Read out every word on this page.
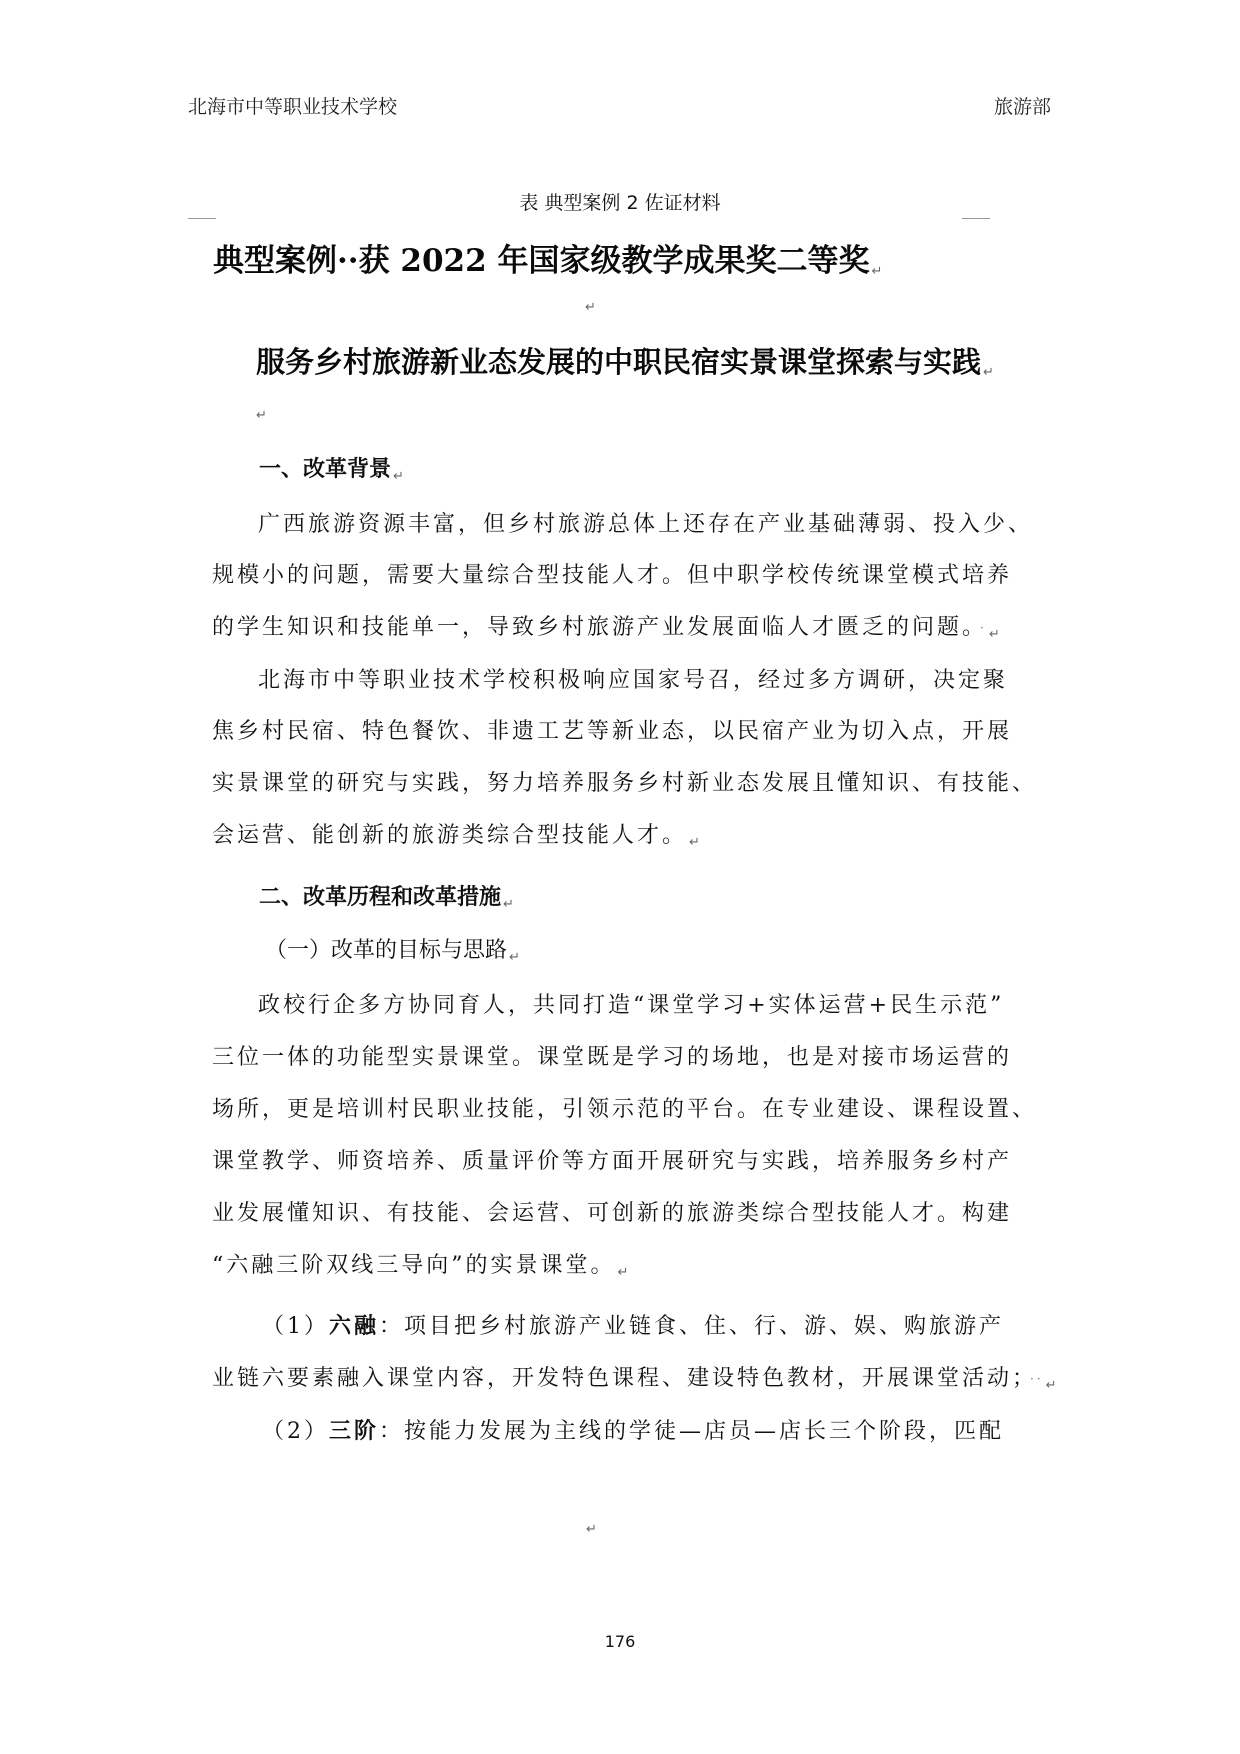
北海市中等职业技术学校	旅游部
表 典型案例 2 佐证材料
典型案例··获 2022 年国家级教学成果奖二等奖 ↵
↵
服务乡村旅游新业态发展的中职民宿实景课堂探索与实践 ↵
↵
一、改革背景 ↵
广西旅游资源丰富，但乡村旅游总体上还存在产业基础薄弱、投入少、
规模小的问题，需要大量综合型技能人才。但中职学校传统课堂模式培养
的学生知识和技能单一，导致乡村旅游产业发展面临人才匮乏的问题。 · ↵
北海市中等职业技术学校积极响应国家号召，经过多方调研，决定聚
焦乡村民宿、特色餐饮、非遗工艺等新业态，以民宿产业为切入点，开展
实景课堂的研究与实践，努力培养服务乡村新业态发展且懂知识、有技能、
会运营、能创新的旅游类综合型技能人才。 ↵
二、改革历程和改革措施 ↵
（一）改革的目标与思路 ↵
政校行企多方协同育人，共同打造“课堂学习+实体运营+民生示范”
三位一体的功能型实景课堂。课堂既是学习的场地，也是对接市场运营的
场所，更是培训村民职业技能，引领示范的平台。在专业建设、课程设置、
课堂教学、师资培养、质量评价等方面开展研究与实践，培养服务乡村产
业发展懂知识、有技能、会运营、可创新的旅游类综合型技能人才。构建
“六融三阶双线三导向”的实景课堂。 ↵
（1）六融：项目把乡村旅游产业链食、住、行、游、娱、购旅游产
业链六要素融入课堂内容，开发特色课程、建设特色教材，开展课堂活动； ·· ↵
（2）三阶：按能力发展为主线的学徒—店员—店长三个阶段，匹配
↵
176
